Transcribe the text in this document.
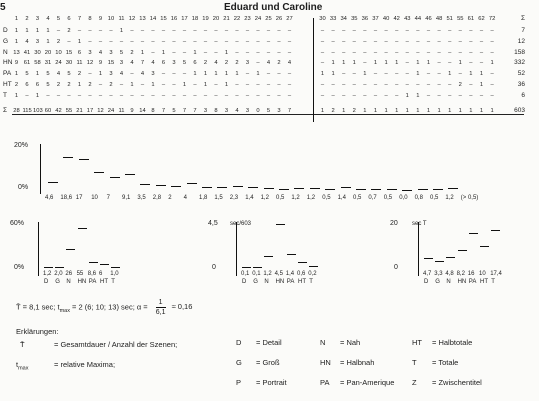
5	Eduard und Caroline
1	2	3	4	5	6	7	8	9 10 11 12 13 14 15 16 17 18 19 20 21 22 23 24 25 26 27	30 33 34 35 36 37 40 42 43 44 46 48 51 55 61 62 72	Σ
D	1	1	1	1	–	2	–	–	–	–	1	–	–	–	–	–	–	–	–	–	–	–	–	–	–	–	–	–	–	–	–	–	–	–	–	–	–	–	–	–	–	–	–	–	7
G	1	4	3	1	2	–	1	–	–	–	–	–	–	–	–	–	–	–	–	–	–	–	–	–	–	–	–	–	–	–	–	–	–	–	–	–	–	–	–	–	–	–	–	–	12
N 13 41 30 20 10 15 6	3	4	3	5	2	1	–	1	–	–	1	–	–	1	–	–	–	–	–	–	–	–	–	–	–	–	–	–	–	–	–	–	–	–	–	–	–	158
HN 9 61 58 31 24 30 11 12 9 15 3	4	7	4	6	3	5	6	2	4	2	2	3	–	4	2	4	–	1	1	1	–	1	1	1	–	1	1	–	–	1	–	–	1	332
PA 1	5	1	5	4	5	2	–	1	3	4	–	4	3	–	–	–	1	1	1	1	1	–	1	–	–	–	1	1	–	–	1	–	–	–	–	1	–	–	1	–	1	1	–	52
HT 2	6	6	5	2	2	1	2	–	2	–	1	–	1	–	–	1	–	1	–	1	–	–	–	–	–	–	–	–	–	–	–	–	–	–	–	–	–	–	–	2	–	1	–	36
T	1	–	1	–	–	–	–	–	–	–	–	–	–	–	–	–	–	–	–	–	–	–	–	–	–	–	–	–	–	–	–	–	–	–	–	1	1	–	–	–	–	–	–	–	6
Σ 28 115 103 60 42 55 21 17 12 24 11	9 14 8	7	5	7	7	3	8	3	4	3	0	5	3	7	1	2	1	2	1	1	1	1	1	1	1	1	1	1	1	1	1	603
20%
0%
4,6 18,6 17 10 7 9,1 3,5 2,8 2 4 1,8 1,5 2,3 1,4 1,2 0,5 1,2 1,2 0,5 1,4 0,5 0,7 0,5 0,0 0,8 0,5 1,2 (> 0,5)
60%
0%
1,2 2,0 26 55 8,6 6 1,0
D G N HN PA HT T
4,5 sec/603
0
0,1 0,1 1,2 4,5 1,4 0,6 0,2
D G N HN PA HT T
20 sec T
0
4,7 3,3 4,8 8,2 16 10 17,4
D G N HN PA HT T
T̄ = 8,1 sec; $t_{max} = 2$ (6; 10; 13) sec; $\alpha = \frac{1}{6,1} \approx 0,16$
Erklärungen:
T̄	= Gesamtdauer / Anzahl der Szenen;
$t_{max}$	= relative Maxima;
D = Detail	N = Nah	HT = Halbtotale
G = Groß	HN = Halbnah	T = Totale
P = Portrait	PA = Pan-Amerique Z = Zwischentitel
